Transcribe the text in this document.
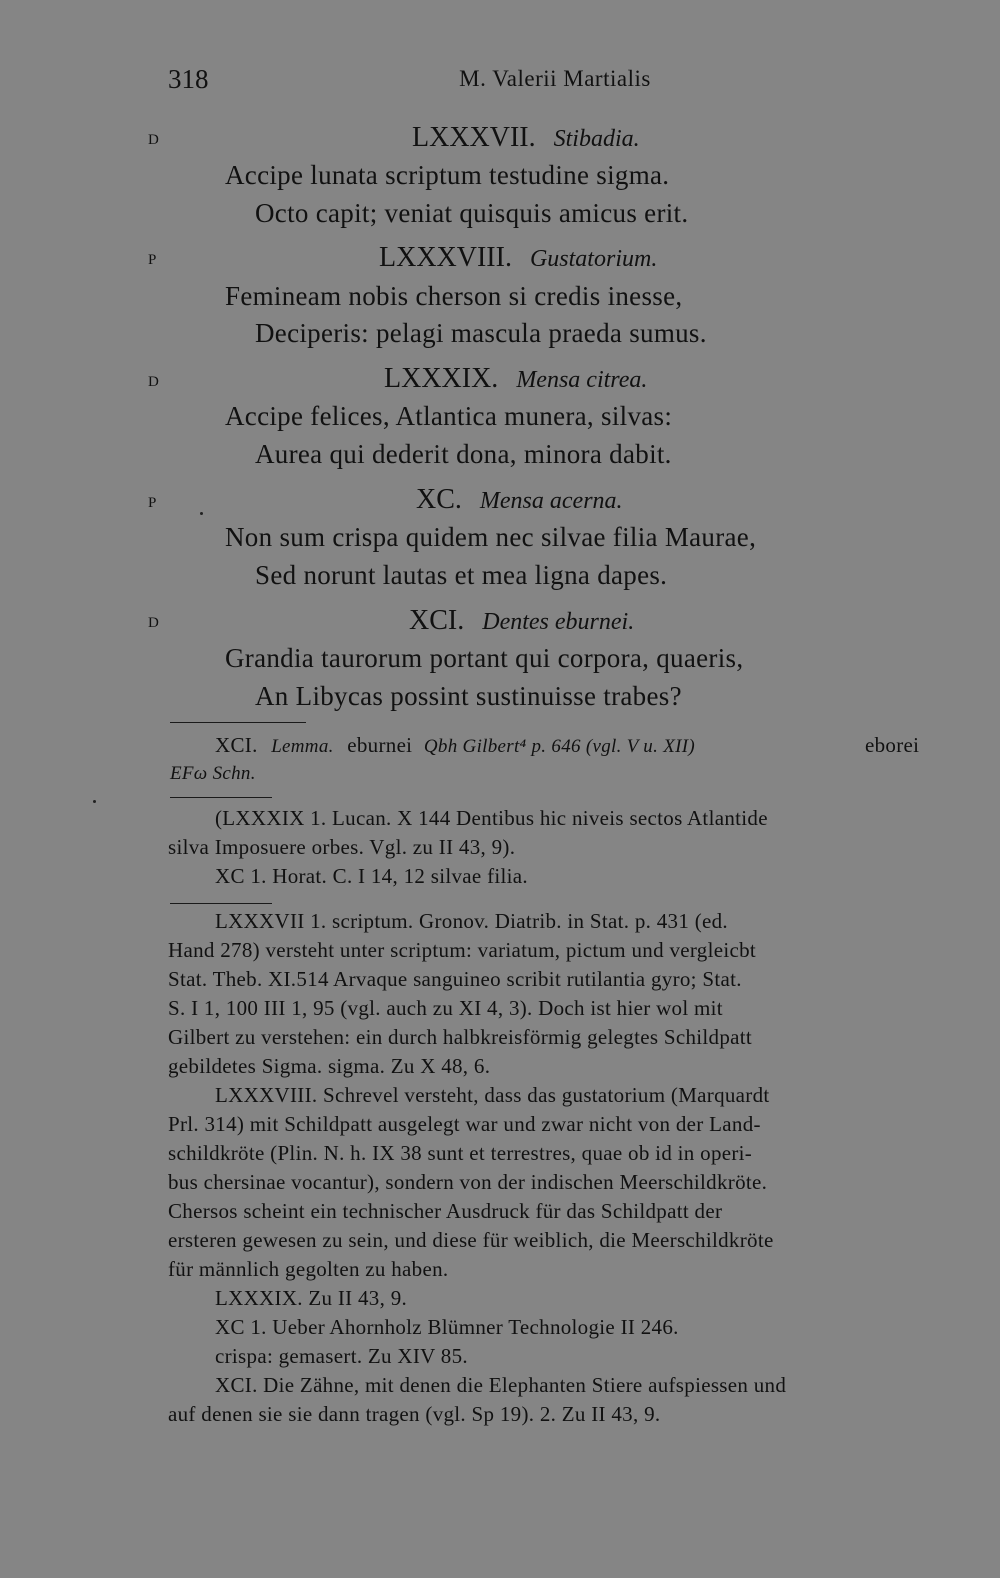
318	M. Valerii Martialis
D	LXXXVII. Stibadia.
Accipe lunata scriptum testudine sigma.
Octo capit; veniat quisquis amicus erit.
P	LXXXVIII. Gustatorium.
Femineam nobis cherson si credis inesse,
Deciperis: pelagi mascula praeda sumus.
D	LXXXIX. Mensa citrea.
Accipe felices, Atlantica munera, silvas:
Aurea qui dederit dona, minora dabit.
P	XC. Mensa acerna.
Non sum crispa quidem nec silvae filia Maurae,
Sed norunt lautas et mea ligna dapes.
D	XCI. Dentes eburnei.
Grandia taurorum portant qui corpora, quaeris,
An Libycas possint sustinuisse trabes?
XCI. Lemma. eburnei Qbh Gilbert⁴ p. 646 (vgl. V u. XII)	eborei
EFω Schn.
(LXXXIX 1. Lucan. X 144 Dentibus hic niveis sectos Atlantide
silva Imposuere orbes. Vgl. zu II 43, 9).
XC 1. Horat. C. I 14, 12 silvae filia.
LXXXVII 1. scriptum. Gronov. Diatrib. in Stat. p. 431 (ed.
Hand 278) versteht unter scriptum: variatum, pictum und vergleicbt
Stat. Theb. XI.514 Arvaque sanguineo scribit rutilantia gyro; Stat.
S. I 1, 100 III 1, 95 (vgl. auch zu XI 4, 3). Doch ist hier wol mit
Gilbert zu verstehen: ein durch halbkreisförmig gelegtes Schildpatt
gebildetes Sigma. sigma. Zu X 48, 6.
LXXXVIII. Schrevel versteht, dass das gustatorium (Marquardt
Prl. 314) mit Schildpatt ausgelegt war und zwar nicht von der Land-
schildkröte (Plin. N. h. IX 38 sunt et terrestres, quae ob id in operi-
bus chersinae vocantur), sondern von der indischen Meerschildkröte.
Chersos scheint ein technischer Ausdruck für das Schildpatt der
ersteren gewesen zu sein, und diese für weiblich, die Meerschildkröte
für männlich gegolten zu haben.
LXXXIX. Zu II 43, 9.
XC 1. Ueber Ahornholz Blümner Technologie II 246.
crispa: gemasert. Zu XIV 85.
XCI. Die Zähne, mit denen die Elephanten Stiere aufspiessen und
auf denen sie sie dann tragen (vgl. Sp 19). 2. Zu II 43, 9.
